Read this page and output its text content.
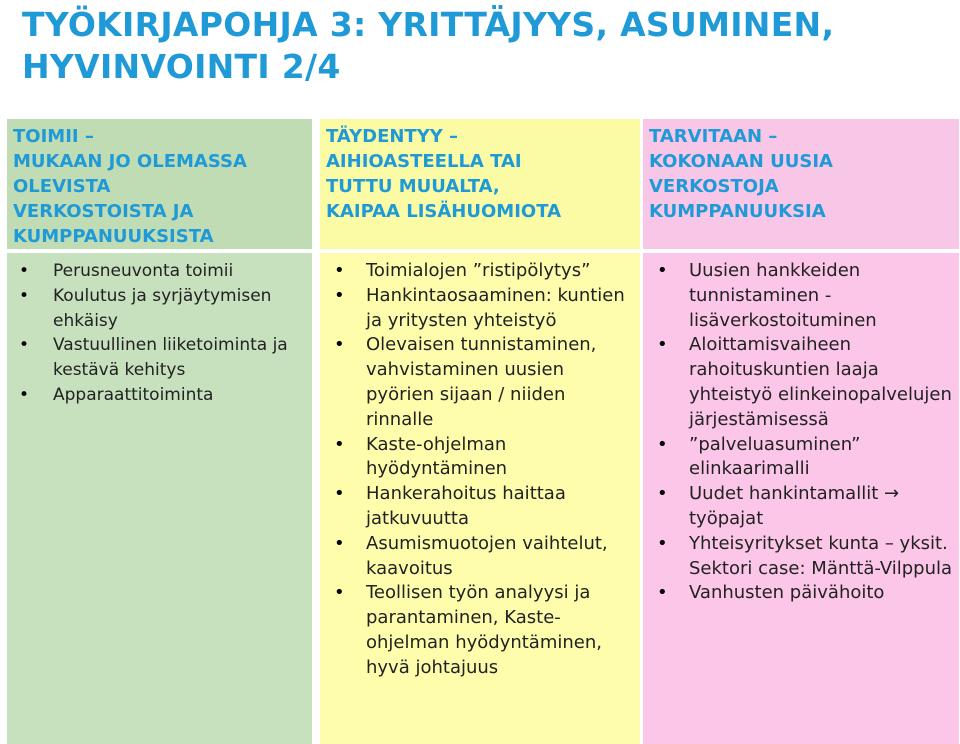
TYÖKIRJAPOHJA 3: YRITTÄJYYS, ASUMINEN, HYVINVOINTI 2/4
TOIMII –
MUKAAN JO OLEMASSA
OLEVISTA
VERKOSTOISTA JA
KUMPPANUUKSISTA
• Perusneuvonta toimii
• Koulutus ja syrjäytymisen ehkäisy
• Vastuullinen liiketoiminta ja kestävä kehitys
• Apparaattitoiminta
TÄYDENTYY –
AIHIOASTEELLA TAI
TUTTU MUUALTA,
KAIPAA LISÄHUOMIOTA
• Toimialojen ”ristipölytys”
• Hankintaosaaminen: kuntien ja yritysten yhteistyö
• Olevaisen tunnistaminen, vahvistaminen uusien pyörien sijaan / niiden rinnalle
• Kaste-ohjelman hyödyntäminen
• Hankerahoitus haittaa jatkuvuutta
• Asumismuotojen vaihtelut, kaavoitus
• Teollisen työn analyysi ja parantaminen, Kaste-ohjelman hyödyntäminen, hyvä johtajuus
TARVITAAN –
KOKONAAN UUSIA
VERKOSTOJA
KUMPPANUUKSIA
• Uusien hankkeiden tunnistaminen - lisäverkostoituminen
• Aloittamisvaiheen rahoituskuntien laaja yhteistyö elinkeinopalvelujen järjestämisessä
• ”palveluasuminen” elinkaarimalli
• Uudet hankintamallit → työpajat
• Yhteisyritykset kunta – yksit. Sektori case: Mänttä-Vilppula
• Vanhusten päivähoito
